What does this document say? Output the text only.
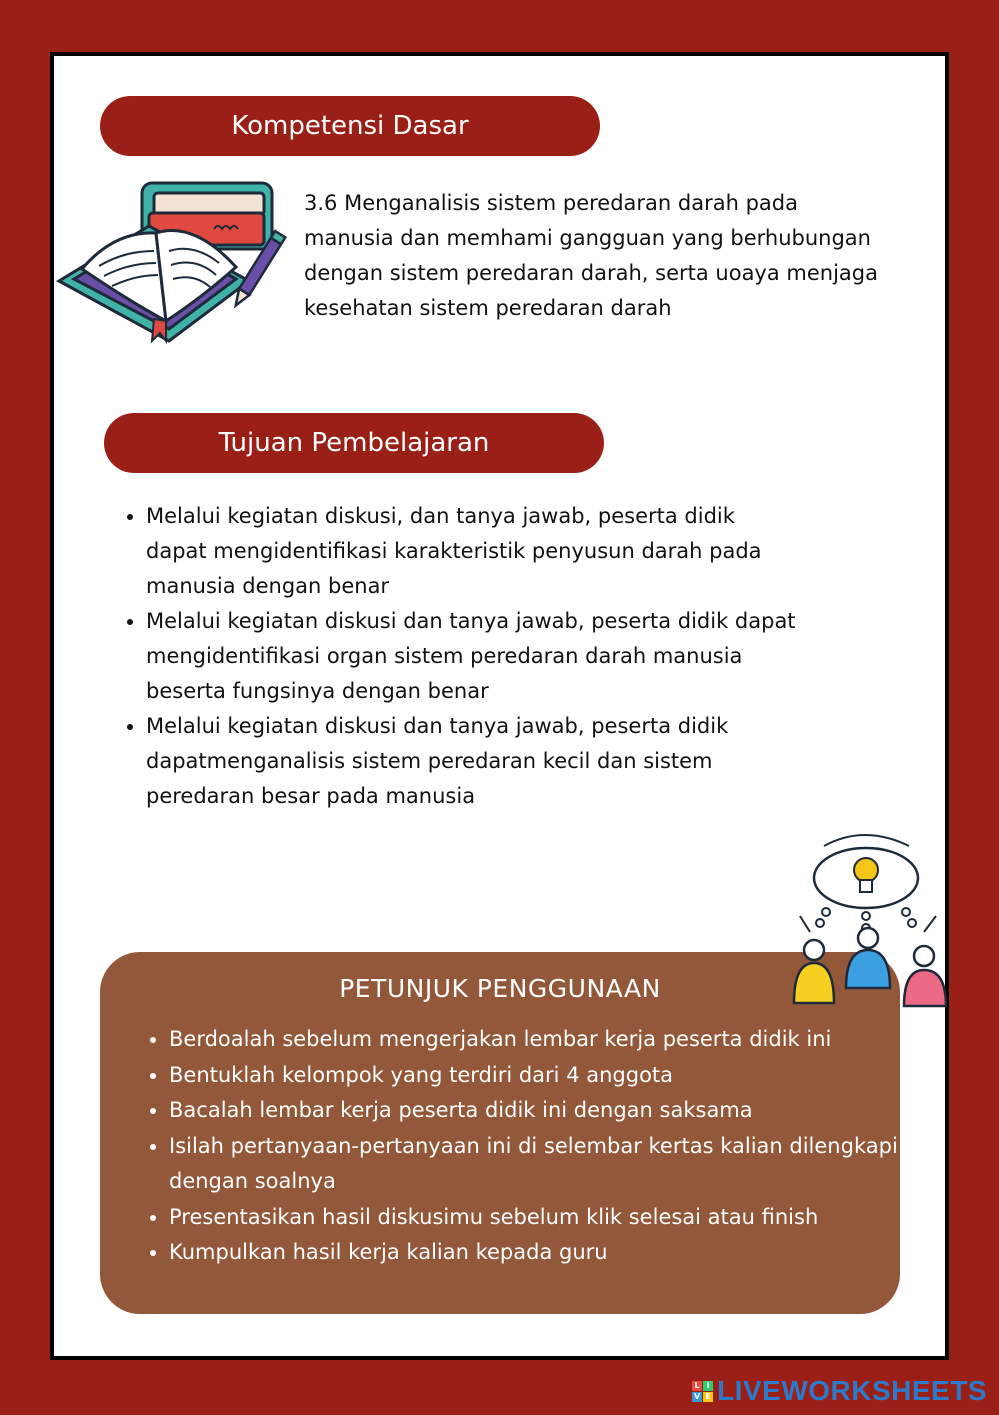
Kompetensi Dasar

3.6 Menganalisis sistem peredaran darah pada manusia dan memhami gangguan yang berhubungan dengan sistem peredaran darah, serta uoaya menjaga kesehatan sistem peredaran darah

Tujuan Pembelajaran
• Melalui kegiatan diskusi, dan tanya jawab, peserta didik dapat mengidentifikasi karakteristik penyusun darah pada manusia dengan benar
• Melalui kegiatan diskusi dan tanya jawab, peserta didik dapat mengidentifikasi organ sistem peredaran darah manusia beserta fungsinya dengan benar
• Melalui kegiatan diskusi dan tanya jawab, peserta didik dapatmenganalisis sistem peredaran kecil dan sistem peredaran besar pada manusia
PETUNJUK PENGGUNAAN
• Berdoalah sebelum mengerjakan lembar kerja peserta didik ini
• Bentuklah kelompok yang terdiri dari 4 anggota
• Bacalah lembar kerja peserta didik ini dengan saksama
• Isilah pertanyaan-pertanyaan ini di selembar kertas kalian dilengkapi dengan soalnya
• Presentasikan hasil diskusimu sebelum klik selesai atau finish
• Kumpulkan hasil kerja kalian kepada guru
L I
V E LIVEWORKSHEETS
